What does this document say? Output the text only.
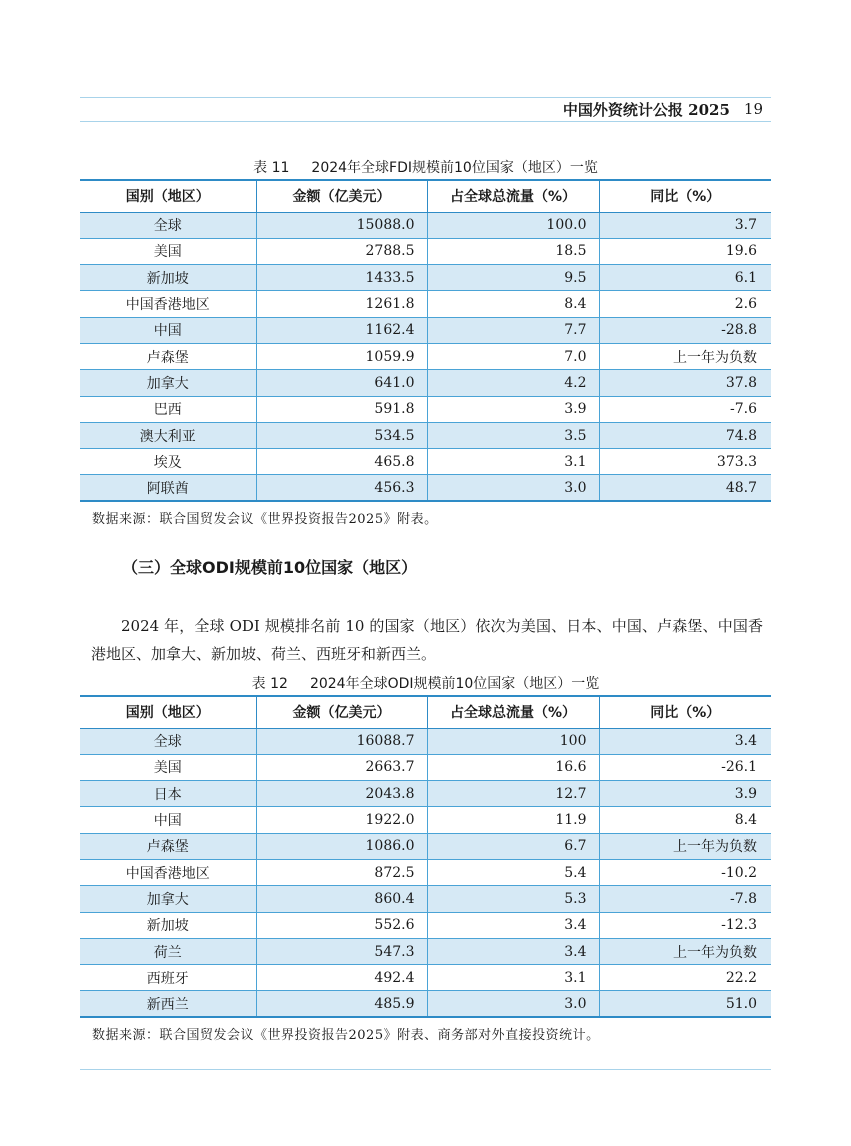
中国外资统计公报 2025 19
表 11 2024年全球FDI规模前10位国家（地区）一览
国别（地区）	金额（亿美元）	占全球总流量（%）	同比（%）
全球	15088.0	100.0	3.7
美国	2788.5	18.5	19.6
新加坡	1433.5	9.5	6.1
中国香港地区	1261.8	8.4	2.6
中国	1162.4	7.7	-28.8
卢森堡	1059.9	7.0	上一年为负数
加拿大	641.0	4.2	37.8
巴西	591.8	3.9	-7.6
澳大利亚	534.5	3.5	74.8
埃及	465.8	3.1	373.3
阿联酋	456.3	3.0	48.7
数据来源：联合国贸发会议《世界投资报告2025》附表。
（三）全球ODI规模前10位国家（地区）
2024 年，全球 ODI 规模排名前 10 的国家（地区）依次为美国、日本、中国、卢森堡、中国香港地区、加拿大、新加坡、荷兰、西班牙和新西兰。
表 12 2024年全球ODI规模前10位国家（地区）一览
国别（地区）	金额（亿美元）	占全球总流量（%）	同比（%）
全球	16088.7	100	3.4
美国	2663.7	16.6	-26.1
日本	2043.8	12.7	3.9
中国	1922.0	11.9	8.4
卢森堡	1086.0	6.7	上一年为负数
中国香港地区	872.5	5.4	-10.2
加拿大	860.4	5.3	-7.8
新加坡	552.6	3.4	-12.3
荷兰	547.3	3.4	上一年为负数
西班牙	492.4	3.1	22.2
新西兰	485.9	3.0	51.0
数据来源：联合国贸发会议《世界投资报告2025》附表、商务部对外直接投资统计。
